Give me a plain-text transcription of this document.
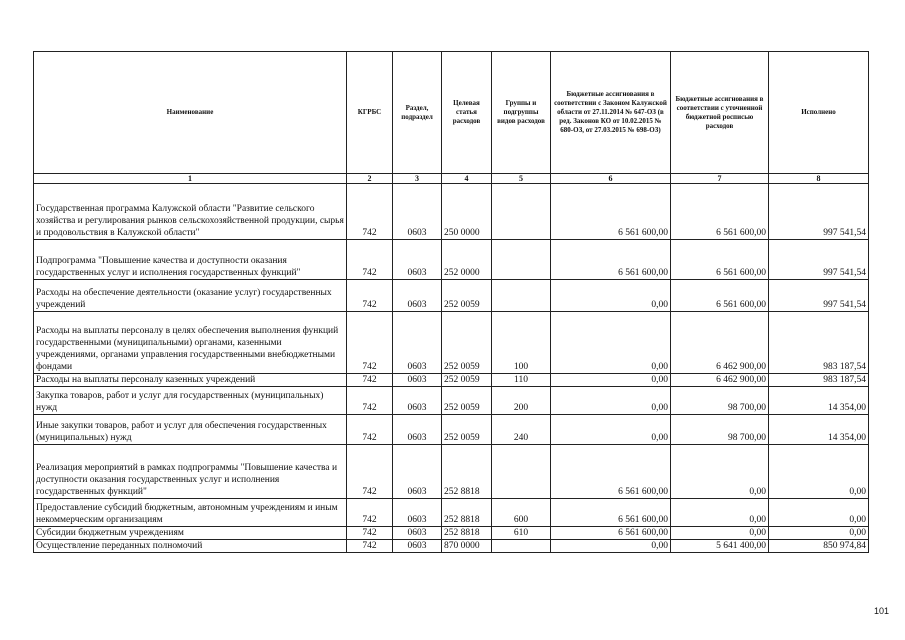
Наименование	КГРБС	Раздел, подраздел	Целевая статья расходов	Группы и подгруппы видов расходов	Бюджетные ассигнования в соответствии с Законом Калужской области от 27.11.2014 № 647-ОЗ (в ред. Законов КО от 10.02.2015 № 680-ОЗ, от 27.03.2015 № 698-ОЗ)	Бюджетные ассигнования в соответствии с уточненной бюджетной росписью расходов	Исполнено
1	2	3	4	5	6	7	8
Государственная программа Калужской области "Развитие сельского хозяйства и регулирования рынков сельскохозяйственной продукции, сырья и продовольствия в Калужской области"	742	0603	250 0000		6 561 600,00	6 561 600,00	997 541,54
Подпрограмма "Повышение качества и доступности оказания государственных услуг и исполнения государственных функций"	742	0603	252 0000		6 561 600,00	6 561 600,00	997 541,54
Расходы на обеспечение деятельности (оказание услуг) государственных учреждений	742	0603	252 0059		0,00	6 561 600,00	997 541,54
Расходы на выплаты персоналу в целях обеспечения выполнения функций государственными (муниципальными) органами, казенными учреждениями, органами управления государственными внебюджетными фондами	742	0603	252 0059	100	0,00	6 462 900,00	983 187,54
Расходы на выплаты персоналу казенных учреждений	742	0603	252 0059	110	0,00	6 462 900,00	983 187,54
Закупка товаров, работ и услуг для государственных (муниципальных) нужд	742	0603	252 0059	200	0,00	98 700,00	14 354,00
Иные закупки товаров, работ и услуг для обеспечения государственных (муниципальных) нужд	742	0603	252 0059	240	0,00	98 700,00	14 354,00
Реализация мероприятий в рамках подпрограммы "Повышение качества и доступности оказания государственных услуг и исполнения государственных функций"	742	0603	252 8818		6 561 600,00	0,00	0,00
Предоставление субсидий бюджетным, автономным учреждениям и иным некоммерческим организациям	742	0603	252 8818	600	6 561 600,00	0,00	0,00
Субсидии бюджетным учреждениям	742	0603	252 8818	610	6 561 600,00	0,00	0,00
Осуществление переданных полномочий	742	0603	870 0000		0,00	5 641 400,00	850 974,84
101
